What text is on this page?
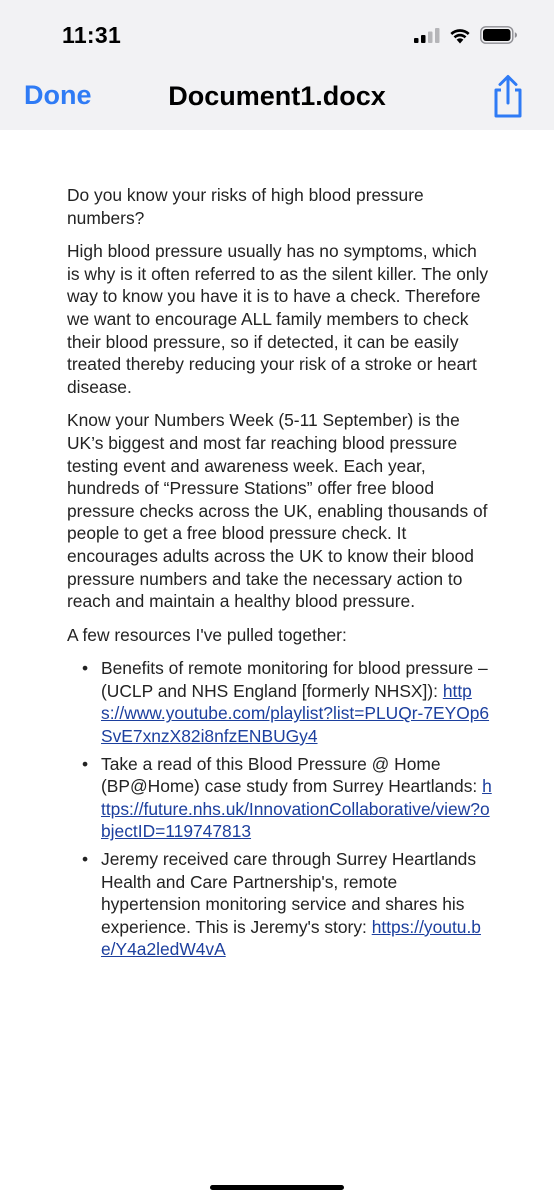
11:31
Done	Document1.docx

Do you know your risks of high blood pressure numbers?

High blood pressure usually has no symptoms, which is why is it often referred to as the silent killer. The only way to know you have it is to have a check. Therefore we want to encourage ALL family members to check their blood pressure, so if detected, it can be easily treated thereby reducing your risk of a stroke or heart disease.

Know your Numbers Week (5-11 September) is the UK’s biggest and most far reaching blood pressure testing event and awareness week. Each year, hundreds of “Pressure Stations” offer free blood pressure checks across the UK, enabling thousands of people to get a free blood pressure check. It encourages adults across the UK to know their blood pressure numbers and take the necessary action to reach and maintain a healthy blood pressure.

A few resources I've pulled together:

• Benefits of remote monitoring for blood pressure – (UCLP and NHS England [formerly NHSX]): https://www.youtube.com/playlist?list=PLUQr-7EYOp6SvE7xnzX82i8nfzENBUGy4
• Take a read of this Blood Pressure @ Home (BP@Home) case study from Surrey Heartlands: https://future.nhs.uk/InnovationCollaborative/view?objectID=119747813
• Jeremy received care through Surrey Heartlands Health and Care Partnership's, remote hypertension monitoring service and shares his experience. This is Jeremy's story: https://youtu.be/Y4a2ledW4vA
